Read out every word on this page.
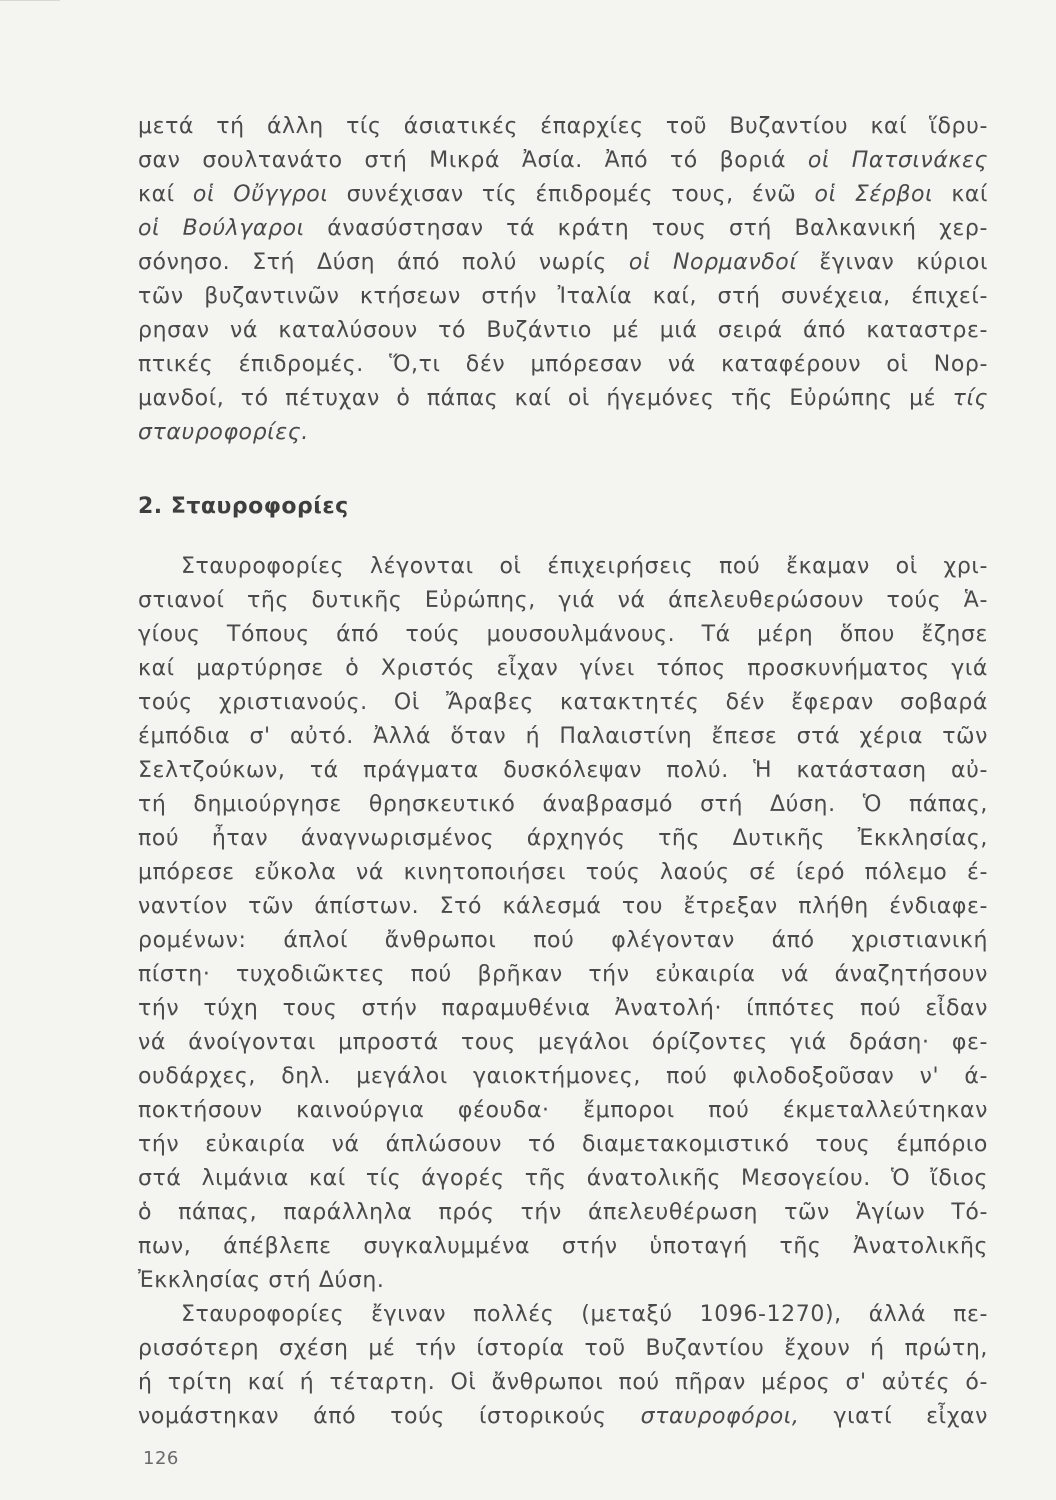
μετά τή άλλη τίς άσιατικές έπαρχίες τοῦ Βυζαντίου καί ἵδρυ-
σαν σουλτανάτο στή Μικρά Ἀσία. Ἀπό τό βοριά οἱ Πατσινάκες
καί οἱ Οὔγγροι συνέχισαν τίς έπιδρομές τους, ένῶ οἱ Σέρβοι καί
οἱ Βούλγαροι άνασύστησαν τά κράτη τους στή Βαλκανική χερ-
σόνησο. Στή Δύση άπό πολύ νωρίς οἱ Νορμανδοί ἔγιναν κύριοι
τῶν βυζαντινῶν κτήσεων στήν Ἰταλία καί, στή συνέχεια, έπιχεί-
ρησαν νά καταλύσουν τό Βυζάντιο μέ μιά σειρά άπό καταστρε-
πτικές έπιδρομές. Ὅ,τι δέν μπόρεσαν νά καταφέρουν οἱ Νορ-
μανδοί, τό πέτυχαν ὁ πάπας καί οἱ ήγεμόνες τῆς Εὐρώπης μέ τίς
σταυροφορίες.
2. Σταυροφορίες
Σταυροφορίες λέγονται οἱ έπιχειρήσεις πού ἔκαμαν οἱ χρι-
στιανοί τῆς δυτικῆς Εὐρώπης, γιά νά άπελευθερώσουν τούς Ἁ-
γίους Τόπους άπό τούς μουσουλμάνους. Τά μέρη ὅπου ἔζησε
καί μαρτύρησε ὁ Χριστός εἶχαν γίνει τόπος προσκυνήματος γιά
τούς χριστιανούς. Οἱ Ἄραβες κατακτητές δέν ἔφεραν σοβαρά
έμπόδια σ' αὐτό. Ἀλλά ὅταν ή Παλαιστίνη ἔπεσε στά χέρια τῶν
Σελτζούκων, τά πράγματα δυσκόλεψαν πολύ. Ἡ κατάσταση αὐ-
τή δημιούργησε θρησκευτικό άναβρασμό στή Δύση. Ὁ πάπας,
πού ἦταν άναγνωρισμένος άρχηγός τῆς Δυτικῆς Ἐκκλησίας,
μπόρεσε εὔκολα νά κινητοποιήσει τούς λαούς σέ ίερό πόλεμο έ-
ναντίον τῶν άπίστων. Στό κάλεσμά του ἔτρεξαν πλήθη ένδιαφε-
ρομένων: άπλοί ἄνθρωποι πού φλέγονταν άπό χριστιανική
πίστη· τυχοδιῶκτες πού βρῆκαν τήν εὐκαιρία νά άναζητήσουν
τήν τύχη τους στήν παραμυθένια Ἀνατολή· ίππότες πού εἶδαν
νά άνοίγονται μπροστά τους μεγάλοι όρίζοντες γιά δράση· φε-
ουδάρχες, δηλ. μεγάλοι γαιοκτήμονες, πού φιλοδοξοῦσαν ν' ά-
ποκτήσουν καινούργια φέουδα· ἔμποροι πού έκμεταλλεύτηκαν
τήν εὐκαιρία νά άπλώσουν τό διαμετακομιστικό τους έμπόριο
στά λιμάνια καί τίς άγορές τῆς άνατολικῆς Μεσογείου. Ὁ ἴδιος
ὁ πάπας, παράλληλα πρός τήν άπελευθέρωση τῶν Ἁγίων Τό-
πων, άπέβλεπε συγκαλυμμένα στήν ὑποταγή τῆς Ἀνατολικῆς
Ἐκκλησίας στή Δύση.
Σταυροφορίες ἔγιναν πολλές (μεταξύ 1096-1270), άλλά πε-
ρισσότερη σχέση μέ τήν ίστορία τοῦ Βυζαντίου ἔχουν ή πρώτη,
ή τρίτη καί ή τέταρτη. Οἱ ἄνθρωποι πού πῆραν μέρος σ' αὐτές ό-
νομάστηκαν άπό τούς ίστορικούς σταυροφόροι, γιατί εἶχαν
126
